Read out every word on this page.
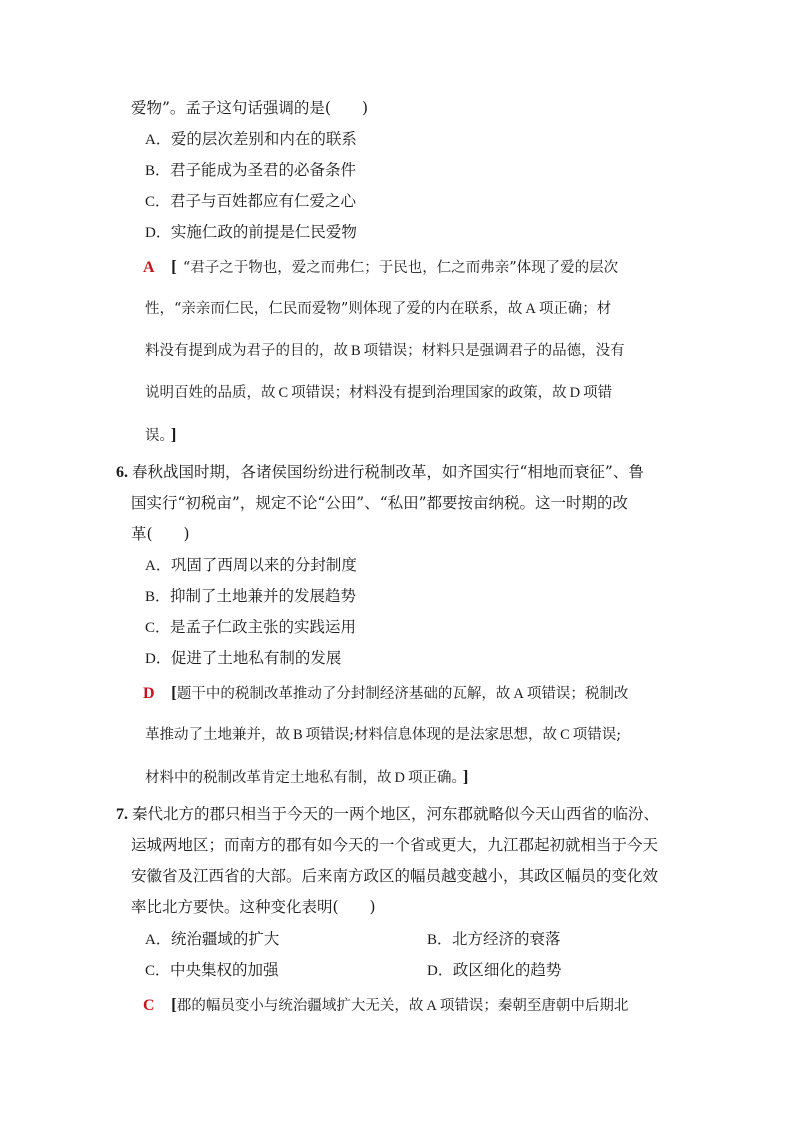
爱物”。孟子这句话强调的是(　　)
A．爱的层次差别和内在的联系
B．君子能成为圣君的必备条件
C．君子与百姓都应有仁爱之心
D．实施仁政的前提是仁民爱物
A [ “君子之于物也，爱之而弗仁；于民也，仁之而弗亲”体现了爱的层次
性，“亲亲而仁民，仁民而爱物”则体现了爱的内在联系，故 A 项正确；材
料没有提到成为君子的目的，故 B 项错误；材料只是强调君子的品德，没有
说明百姓的品质，故 C 项错误；材料没有提到治理国家的政策，故 D 项错
误。 ]
6. 春秋战国时期，各诸侯国纷纷进行税制改革，如齐国实行“相地而衰征”、鲁
国实行“初税亩”，规定不论“公田”、“私田”都要按亩纳税。这一时期的改
革(　　)
A．巩固了西周以来的分封制度
B．抑制了土地兼并的发展趋势
C．是孟子仁政主张的实践运用
D．促进了土地私有制的发展
D [题干中的税制改革推动了分封制经济基础的瓦解，故 A 项错误；税制改
革推动了土地兼并，故 B 项错误;材料信息体现的是法家思想，故 C 项错误;
材料中的税制改革肯定土地私有制，故 D 项正确。 ]
7. 秦代北方的郡只相当于今天的一两个地区，河东郡就略似今天山西省的临汾、
运城两地区；而南方的郡有如今天的一个省或更大，九江郡起初就相当于今天
安徽省及江西省的大部。后来南方政区的幅员越变越小，其政区幅员的变化效
率比北方要快。这种变化表明(　　)
A．统治疆域的扩大	B．北方经济的衰落
C．中央集权的加强	D．政区细化的趋势
C [郡的幅员变小与统治疆域扩大无关，故 A 项错误；秦朝至唐朝中后期北
